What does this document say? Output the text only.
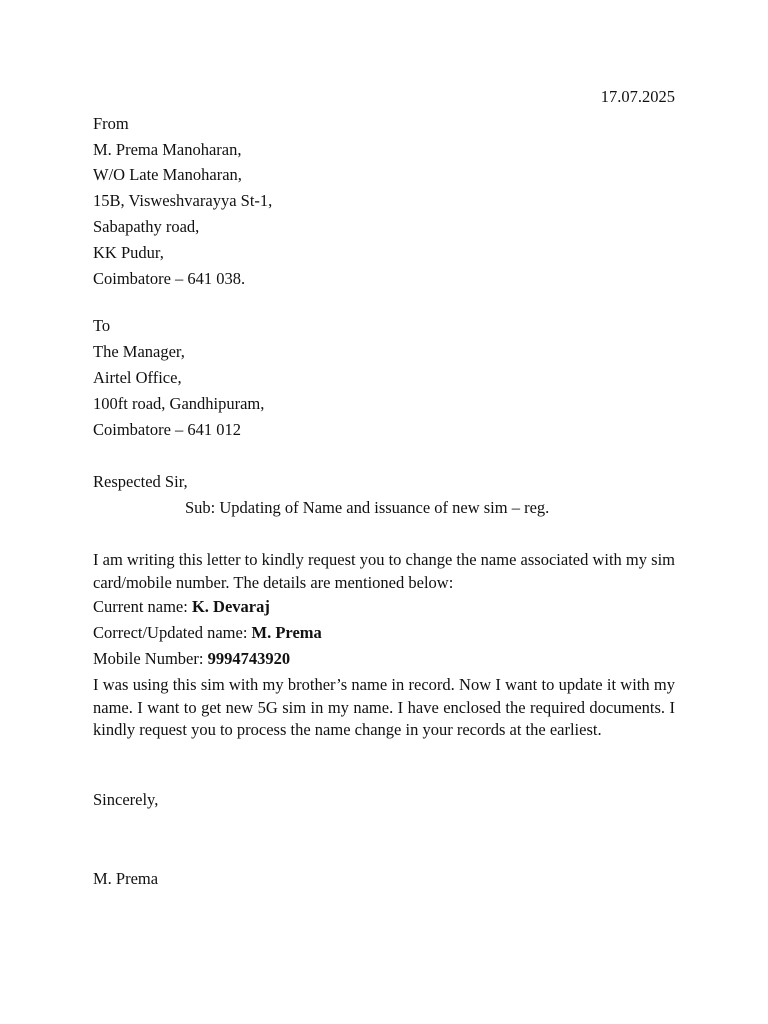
17.07.2025
From
M. Prema Manoharan,
W/O Late Manoharan,
15B, Visweshvarayya St-1,
Sabapathy road,
KK Pudur,
Coimbatore – 641 038.
To
The Manager,
Airtel Office,
100ft road, Gandhipuram,
Coimbatore – 641 012
Respected Sir,
Sub: Updating of Name and issuance of new sim – reg.
I am writing this letter to kindly request you to change the name associated with my sim card/mobile number. The details are mentioned below:
Current name: K. Devaraj
Correct/Updated name: M. Prema
Mobile Number: 9994743920
I was using this sim with my brother’s name in record. Now I want to update it with my name. I want to get new 5G sim in my name. I have enclosed the required documents. I kindly request you to process the name change in your records at the earliest.
Sincerely,
M. Prema
